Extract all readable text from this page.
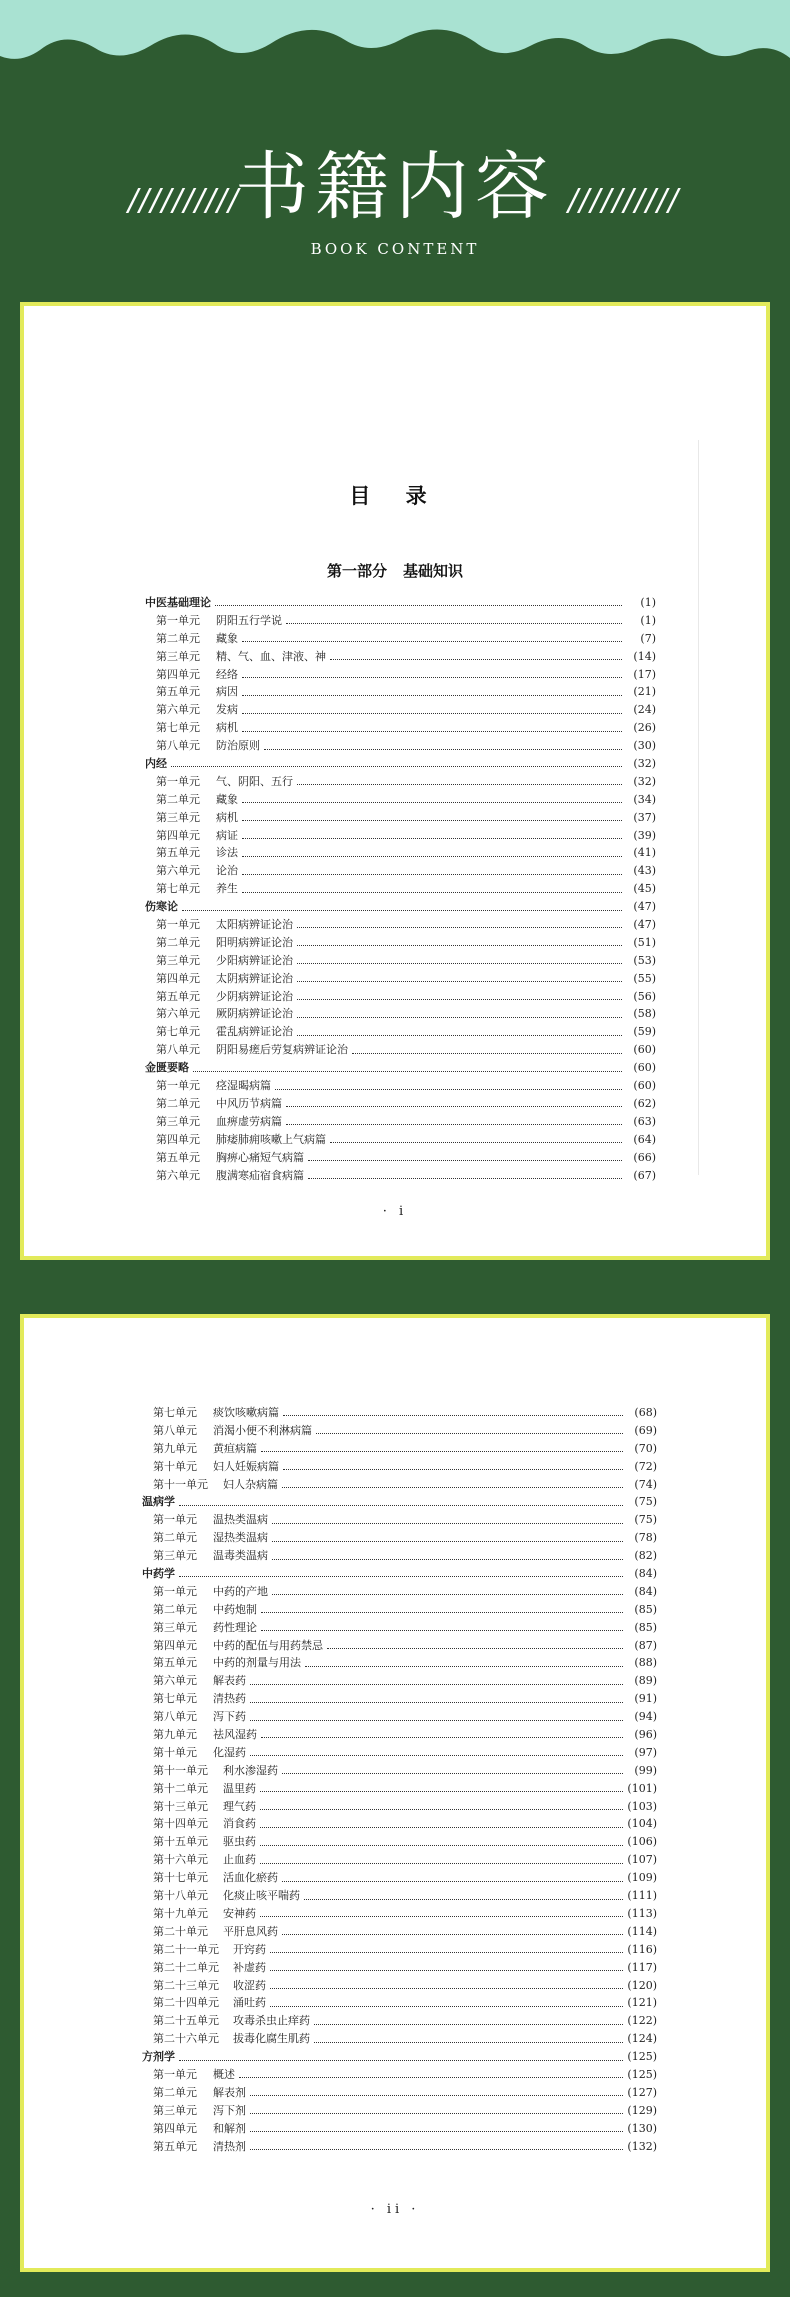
//////////	//////////
书籍内容
BOOK CONTENT
目 录
第一部分 基础知识
中医基础理论	(1)
第一单元	阴阳五行学说	(1)
第二单元	藏象	(7)
第三单元	精、气、血、津液、神	(14)
第四单元	经络	(17)
第五单元	病因	(21)
第六单元	发病	(24)
第七单元	病机	(26)
第八单元	防治原则	(30)
内经	(32)
第一单元	气、阴阳、五行	(32)
第二单元	藏象	(34)
第三单元	病机	(37)
第四单元	病证	(39)
第五单元	诊法	(41)
第六单元	论治	(43)
第七单元	养生	(45)
伤寒论	(47)
第一单元	太阳病辨证论治	(47)
第二单元	阳明病辨证论治	(51)
第三单元	少阳病辨证论治	(53)
第四单元	太阴病辨证论治	(55)
第五单元	少阴病辨证论治	(56)
第六单元	厥阴病辨证论治	(58)
第七单元	霍乱病辨证论治	(59)
第八单元	阴阳易瘥后劳复病辨证论治	(60)
金匮要略	(60)
第一单元	痉湿暍病篇	(60)
第二单元	中风历节病篇	(62)
第三单元	血痹虚劳病篇	(63)
第四单元	肺痿肺痈咳嗽上气病篇	(64)
第五单元	胸痹心痛短气病篇	(66)
第六单元	腹满寒疝宿食病篇	(67)
· i
第七单元	痰饮咳嗽病篇	(68)
第八单元	消渴小便不利淋病篇	(69)
第九单元	黄疸病篇	(70)
第十单元	妇人妊娠病篇	(72)
第十一单元	妇人杂病篇	(74)
温病学	(75)
第一单元	温热类温病	(75)
第二单元	湿热类温病	(78)
第三单元	温毒类温病	(82)
中药学	(84)
第一单元	中药的产地	(84)
第二单元	中药炮制	(85)
第三单元	药性理论	(85)
第四单元	中药的配伍与用药禁忌	(87)
第五单元	中药的剂量与用法	(88)
第六单元	解表药	(89)
第七单元	清热药	(91)
第八单元	泻下药	(94)
第九单元	祛风湿药	(96)
第十单元	化湿药	(97)
第十一单元	利水渗湿药	(99)
第十二单元	温里药	(101)
第十三单元	理气药	(103)
第十四单元	消食药	(104)
第十五单元	驱虫药	(106)
第十六单元	止血药	(107)
第十七单元	活血化瘀药	(109)
第十八单元	化痰止咳平喘药	(111)
第十九单元	安神药	(113)
第二十单元	平肝息风药	(114)
第二十一单元	开窍药	(116)
第二十二单元	补虚药	(117)
第二十三单元	收涩药	(120)
第二十四单元	涌吐药	(121)
第二十五单元	攻毒杀虫止痒药	(122)
第二十六单元	拔毒化腐生肌药	(124)
方剂学	(125)
第一单元	概述	(125)
第二单元	解表剂	(127)
第三单元	泻下剂	(129)
第四单元	和解剂	(130)
第五单元	清热剂	(132)
· ii ·
